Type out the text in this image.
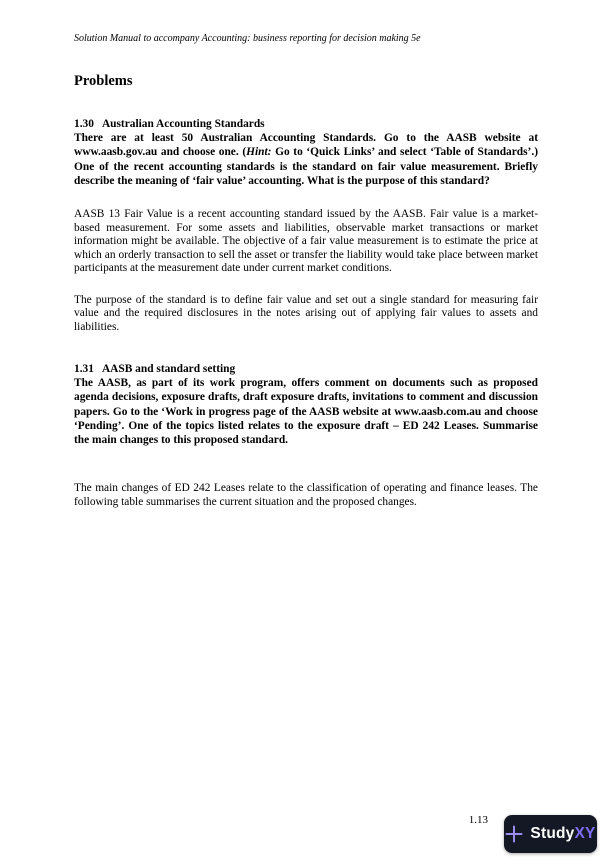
Solution Manual to accompany Accounting: business reporting for decision making 5e
Problems
1.30 Australian Accounting Standards

There are at least 50 Australian Accounting Standards. Go to the AASB website at www.aasb.gov.au and choose one. (Hint: Go to ‘Quick Links’ and select ‘Table of Standards’.) One of the recent accounting standards is the standard on fair value measurement. Briefly describe the meaning of ‘fair value’ accounting. What is the purpose of this standard?

AASB 13 Fair Value is a recent accounting standard issued by the AASB. Fair value is a market-based measurement. For some assets and liabilities, observable market transactions or market information might be available. The objective of a fair value measurement is to estimate the price at which an orderly transaction to sell the asset or transfer the liability would take place between market participants at the measurement date under current market conditions.

The purpose of the standard is to define fair value and set out a single standard for measuring fair value and the required disclosures in the notes arising out of applying fair values to assets and liabilities.

1.31 AASB and standard setting

The AASB, as part of its work program, offers comment on documents such as proposed agenda decisions, exposure drafts, draft exposure drafts, invitations to comment and discussion papers. Go to the ‘Work in progress page of the AASB website at www.aasb.com.au and choose ‘Pending’. One of the topics listed relates to the exposure draft – ED 242 Leases. Summarise the main changes to this proposed standard.

The main changes of ED 242 Leases relate to the classification of operating and finance leases. The following table summarises the current situation and the proposed changes.

1.13
StudyXY
